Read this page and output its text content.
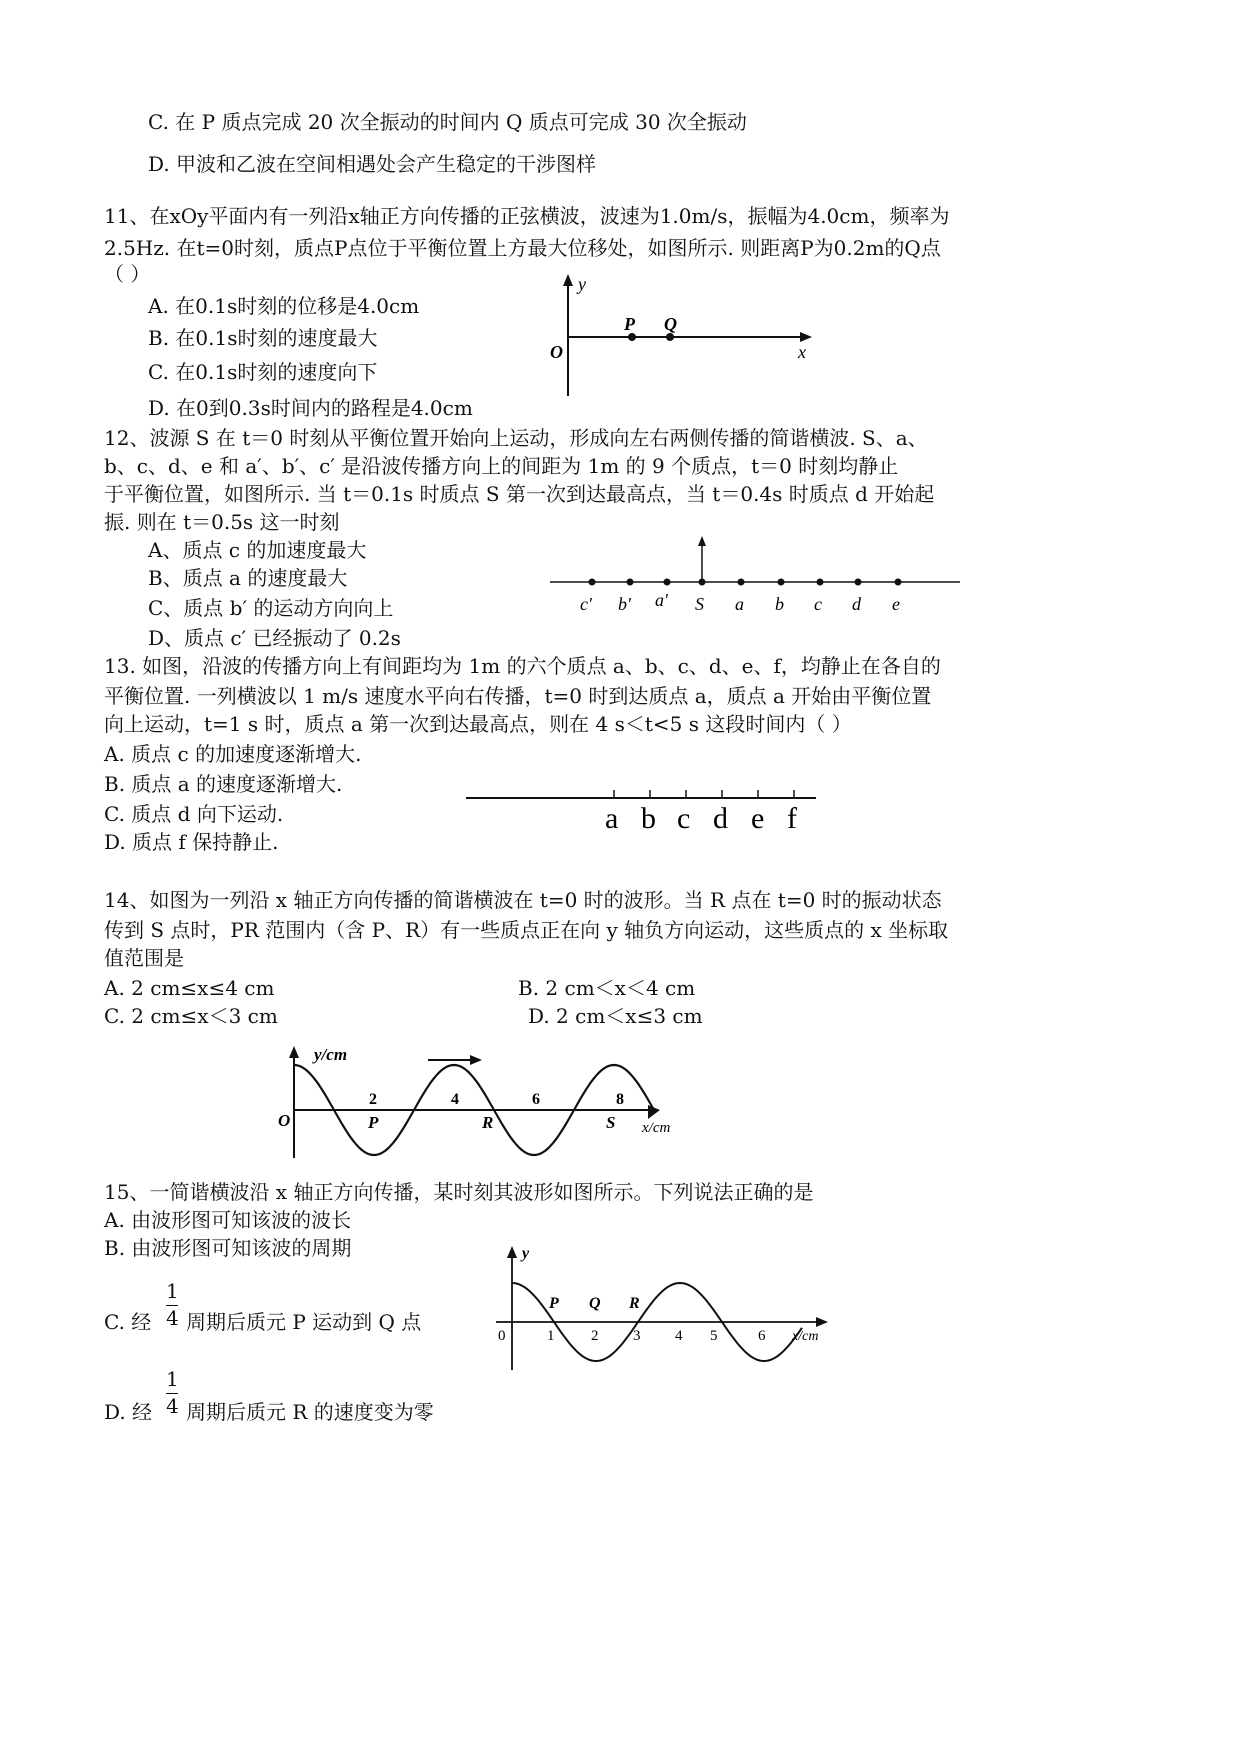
C. 在 P 质点完成 20 次全振动的时间内 Q 质点可完成 30 次全振动
D. 甲波和乙波在空间相遇处会产生稳定的干涉图样
11、在xOy平面内有一列沿x轴正方向传播的正弦横波，波速为1.0m/s，振幅为4.0cm，频率为
2.5Hz. 在t=0时刻，质点P点位于平衡位置上方最大位移处，如图所示. 则距离P为0.2m的Q点
（ ）
A. 在0.1s时刻的位移是4.0cm
B. 在0.1s时刻的速度最大
C. 在0.1s时刻的速度向下
D. 在0到0.3s时间内的路程是4.0cm
y
O
P Q
x
12、波源 S 在 t＝0 时刻从平衡位置开始向上运动，形成向左右两侧传播的简谐横波. S、a、
b、c、d、e 和 a′、b′、c′ 是沿波传播方向上的间距为 1m 的 9 个质点，t＝0 时刻均静止
于平衡位置，如图所示. 当 t＝0.1s 时质点 S 第一次到达最高点，当 t＝0.4s 时质点 d 开始起
振. 则在 t＝0.5s 这一时刻
A、质点 c 的加速度最大
B、质点 a 的速度最大
C、质点 b′ 的运动方向向上
D、质点 c′ 已经振动了 0.2s
c′ b′ a′ S a b c d e
13. 如图，沿波的传播方向上有间距均为 1m 的六个质点 a、b、c、d、e、f，均静止在各自的
平衡位置. 一列横波以 1 m/s 速度水平向右传播，t=0 时到达质点 a，质点 a 开始由平衡位置
向上运动，t=1 s 时，质点 a 第一次到达最高点，则在 4 s＜t<5 s 这段时间内（ ）
A. 质点 c 的加速度逐渐增大.
B. 质点 a 的速度逐渐增大.
C. 质点 d 向下运动.
D. 质点 f 保持静止.
a b c d e f
14、如图为一列沿 x 轴正方向传播的简谐横波在 t=0 时的波形。当 R 点在 t=0 时的振动状态
传到 S 点时，PR 范围内（含 P、R）有一些质点正在向 y 轴负方向运动，这些质点的 x 坐标取
值范围是
A. 2 cm≤x≤4 cm	B. 2 cm＜x＜4 cm
C. 2 cm≤x＜3 cm	D. 2 cm＜x≤3 cm
y/cm
O
2	4	6	8
P	R	S x/cm
15、一简谐横波沿 x 轴正方向传播，某时刻其波形如图所示。下列说法正确的是
A. 由波形图可知该波的波长
B. 由波形图可知该波的周期
C. 经
1
4 周期后质元 P 运动到 Q 点
D. 经
1
4 周期后质元 R 的速度变为零
y
0	1 2 3 4 5	6
P Q R
x/cm
